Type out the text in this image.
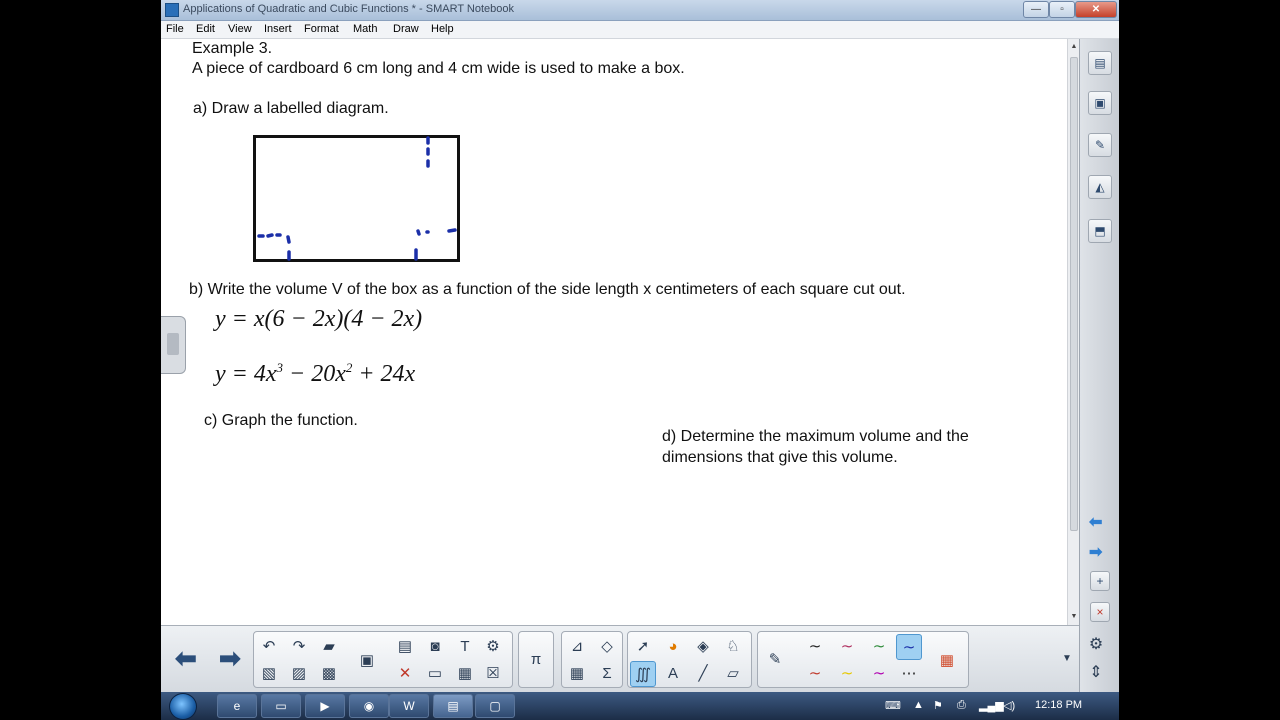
Applications of Quadratic and Cubic Functions * - SMART Notebook	—	▫	✕
File Edit View Insert Format Math Draw Help
Example 3.
A piece of cardboard 6 cm long and 4 cm wide is used to make a box.
a) Draw a labelled diagram.
b) Write the volume V of the box as a function of the side length x centimeters of each square cut out.
y = x(6 − 2x)(4 − 2x)
$y = 4x^3 - 20x^2 + 24x$
c) Graph the function.
d) Determine the maximum volume and the
dimensions that give this volume.
▲
▼
▤
▣
✎
◭
⬒
⬅
➡
+
×
⬅ ➡	↶	↷	▰
▧	▨	▩
▣
▤	◙	T	⚙
✕	▭	▦ ☒
π
⊿	◇
▦	Σ
➚	◕	◈	♘
∭	A	╱	▱
✎
∼	∼	∼	∼
∼	∼	∼	⋯
▦	▼
⚙
⇕
e	▭	▶	◉	W	▤	▢	⌨ ▲ ⚑ ⎙ ▂▄▆ ◁) 12:18 PM
